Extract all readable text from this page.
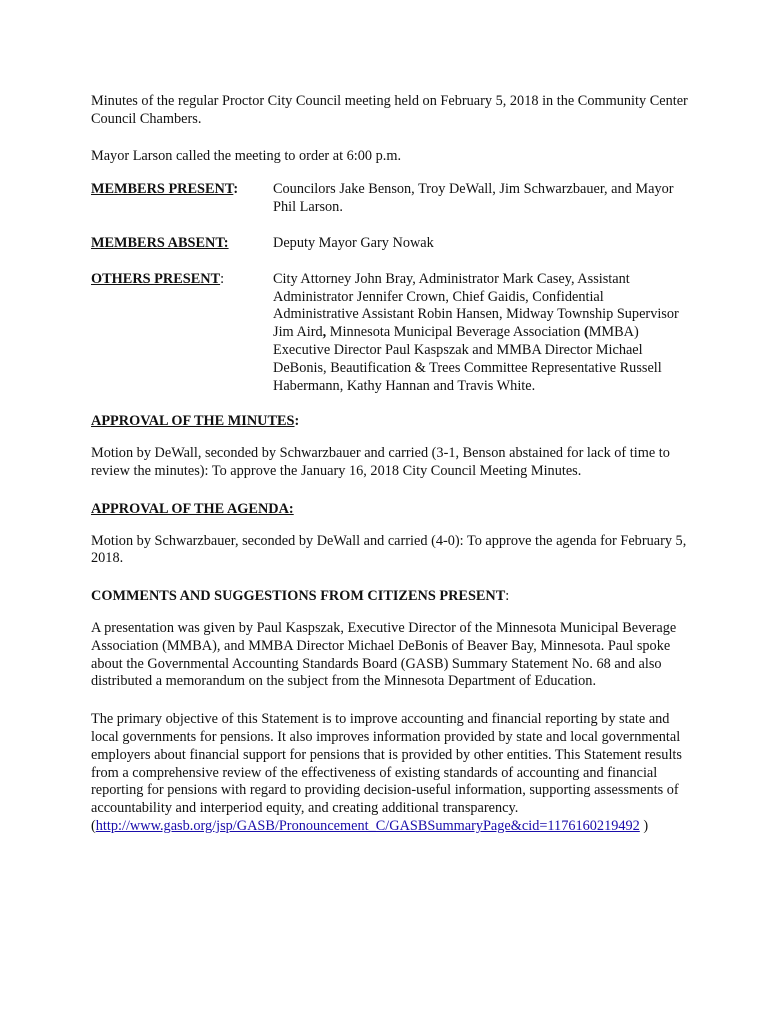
Minutes of the regular Proctor City Council meeting held on February 5, 2018 in the Community Center Council Chambers.

Mayor Larson called the meeting to order at 6:00 p.m.

MEMBERS PRESENT:	Councilors Jake Benson, Troy DeWall, Jim Schwarzbauer, and Mayor Phil Larson.
MEMBERS ABSENT:	Deputy Mayor Gary Nowak
OTHERS PRESENT:	City Attorney John Bray, Administrator Mark Casey, Assistant Administrator Jennifer Crown, Chief Gaidis, Confidential Administrative Assistant Robin Hansen, Midway Township Supervisor Jim Aird, Minnesota Municipal Beverage Association (MMBA) Executive Director Paul Kaspszak and MMBA Director Michael DeBonis, Beautification & Trees Committee Representative Russell Habermann, Kathy Hannan and Travis White.

APPROVAL OF THE MINUTES:

Motion by DeWall, seconded by Schwarzbauer and carried (3-1, Benson abstained for lack of time to review the minutes): To approve the January 16, 2018 City Council Meeting Minutes.

APPROVAL OF THE AGENDA:

Motion by Schwarzbauer, seconded by DeWall and carried (4-0): To approve the agenda for February 5, 2018.

COMMENTS AND SUGGESTIONS FROM CITIZENS PRESENT:

A presentation was given by Paul Kaspszak, Executive Director of the Minnesota Municipal Beverage Association (MMBA), and MMBA Director Michael DeBonis of Beaver Bay, Minnesota. Paul spoke about the Governmental Accounting Standards Board (GASB) Summary Statement No. 68 and also distributed a memorandum on the subject from the Minnesota Department of Education.

The primary objective of this Statement is to improve accounting and financial reporting by state and local governments for pensions. It also improves information provided by state and local governmental employers about financial support for pensions that is provided by other entities. This Statement results from a comprehensive review of the effectiveness of existing standards of accounting and financial reporting for pensions with regard to providing decision-useful information, supporting assessments of accountability and interperiod equity, and creating additional transparency.
(http://www.gasb.org/jsp/GASB/Pronouncement_C/GASBSummaryPage&cid=1176160219492 )
